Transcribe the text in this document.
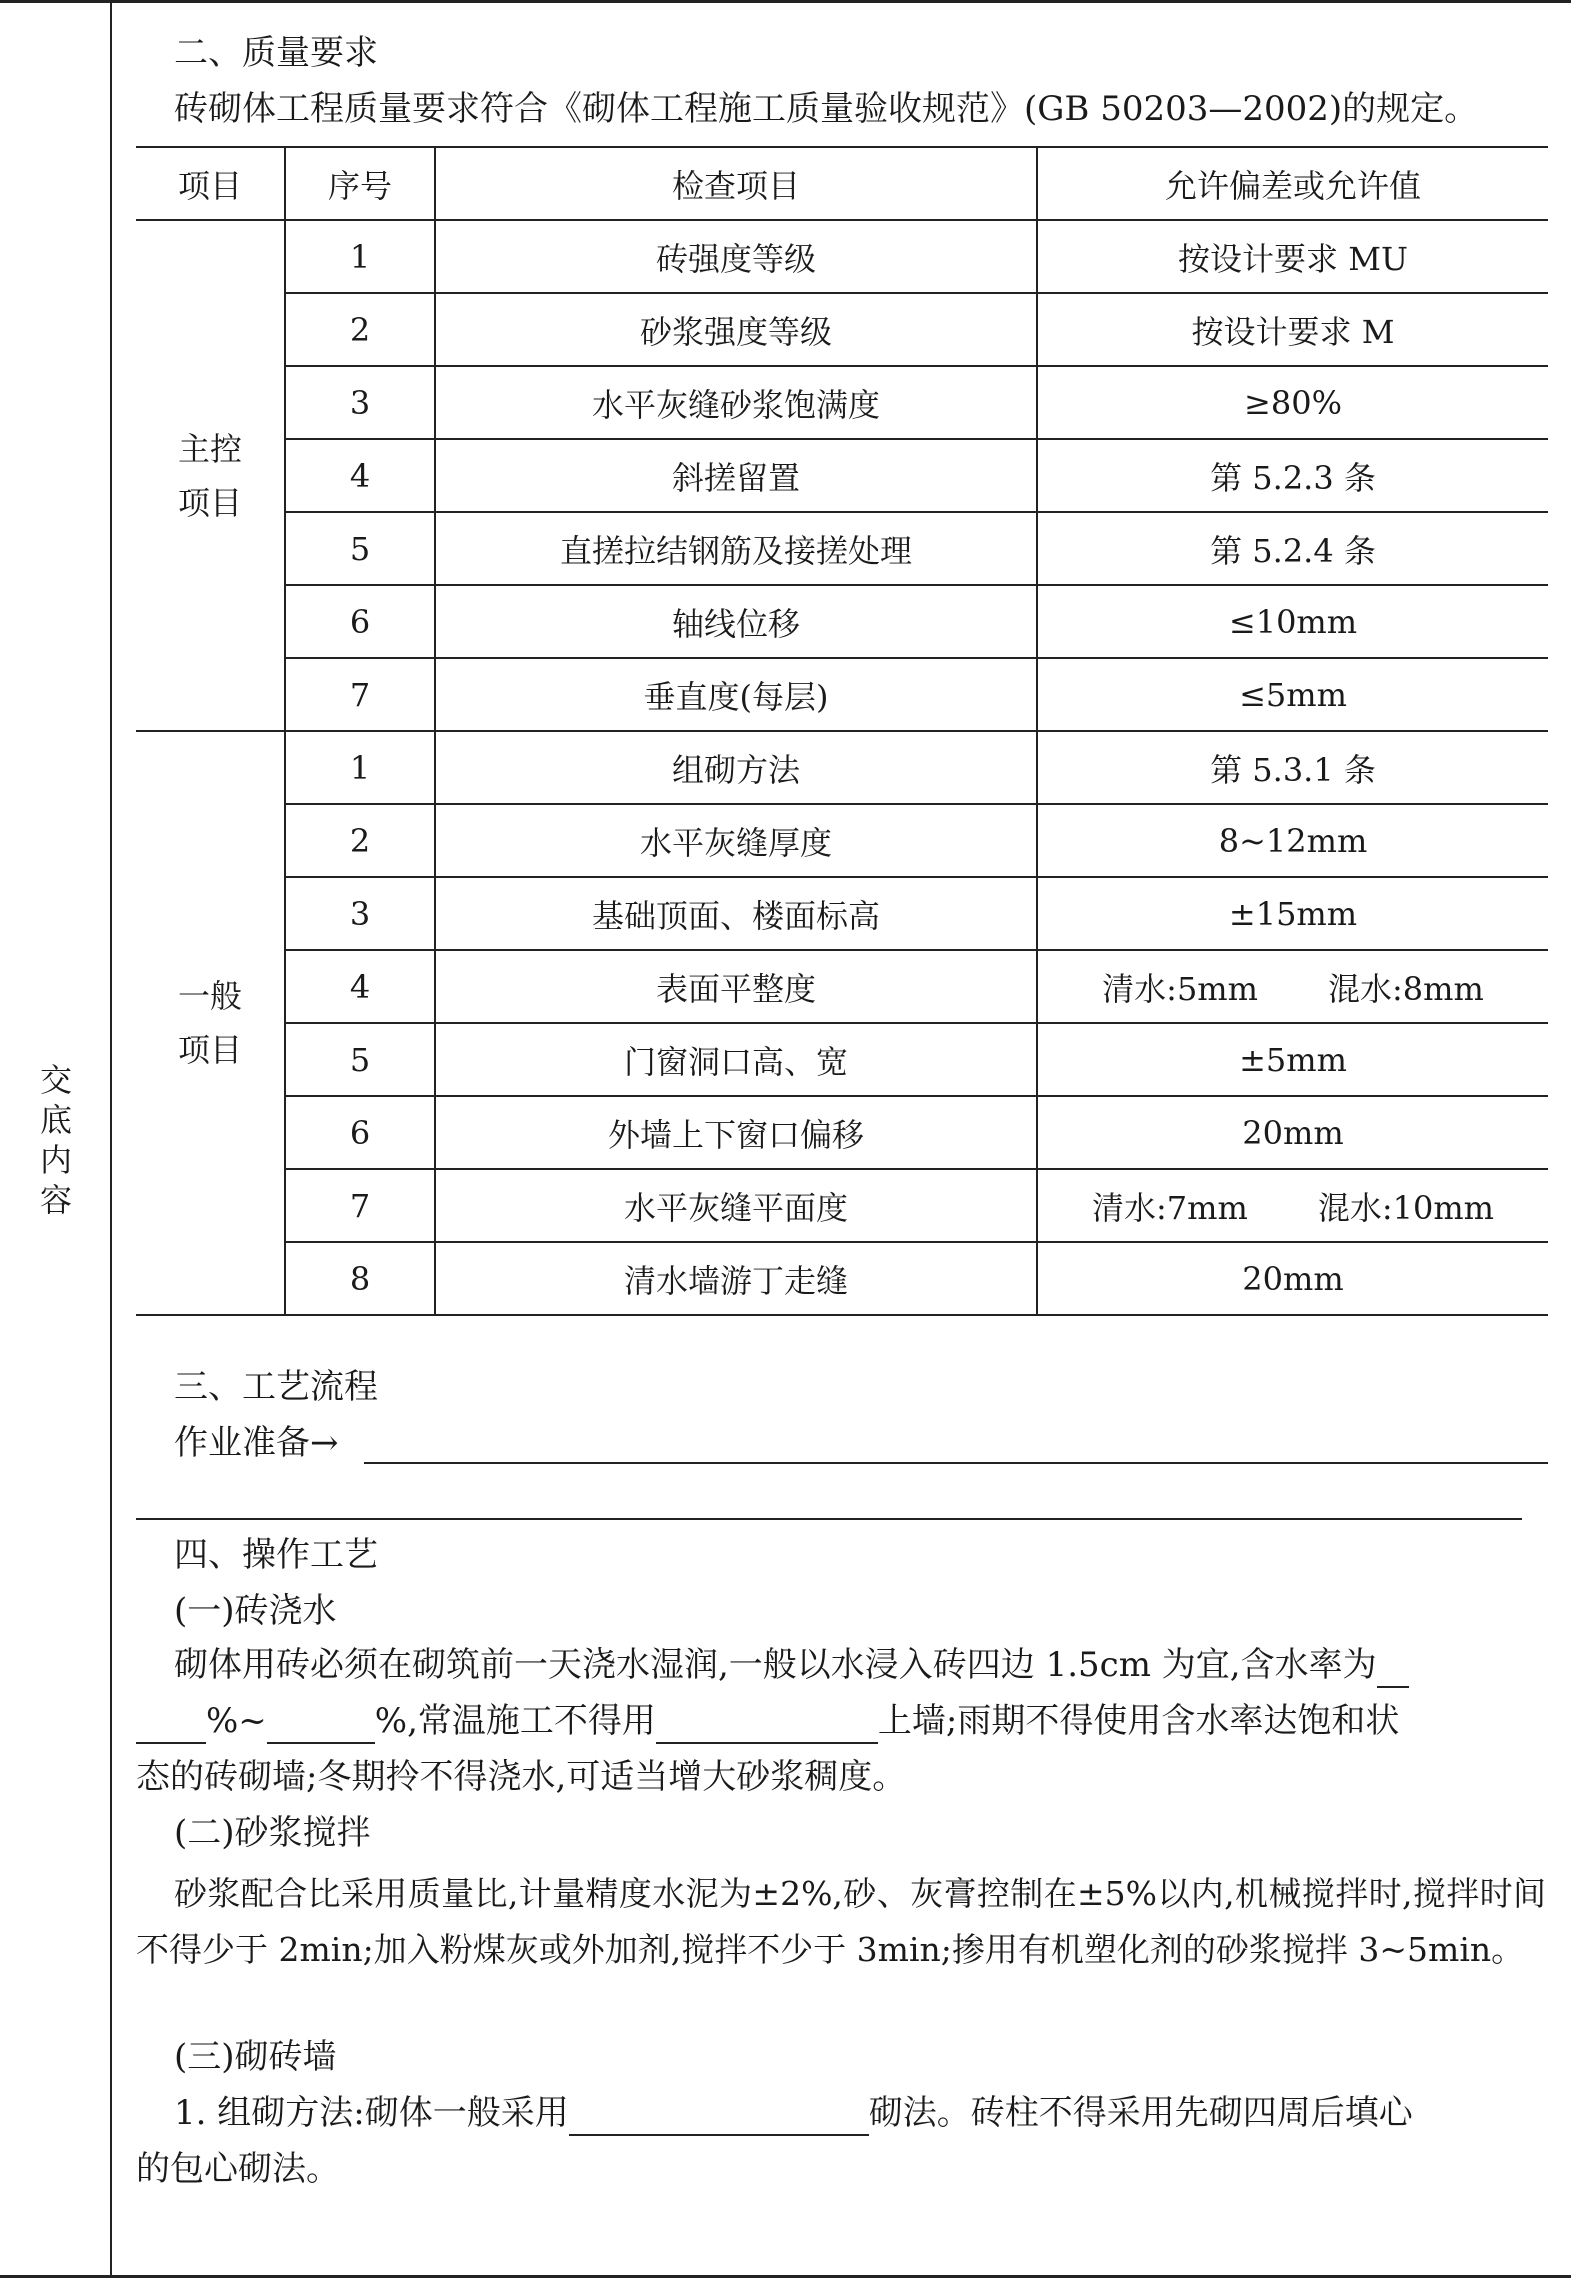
交底内容
二、质量要求
砖砌体工程质量要求符合《砌体工程施工质量验收规范》(GB 50203—2002)的规定。
项目	序号	检查项目	允许偏差或允许值

主控
项目	1	砖强度等级	按设计要求 MU
	2	砂浆强度等级	按设计要求 M
	3	水平灰缝砂浆饱满度	≥80%
	4	斜搓留置	第 5.2.3 条
	5	直搓拉结钢筋及接搓处理	第 5.2.4 条
	6	轴线位移	≤10mm
	7	垂直度(每层)	≤5mm

一般
项目	1	组砌方法	第 5.3.1 条
	2	水平灰缝厚度	8~12mm
	3	基础顶面、楼面标高	±15mm
	4	表面平整度	清水:5mm 混水:8mm
	5	门窗洞口高、宽	±5mm
	6	外墙上下窗口偏移	20mm
	7	水平灰缝平面度	清水:7mm 混水:10mm
	8	清水墙游丁走缝	20mm
三、工艺流程
作业准备→
四、操作工艺
(一)砖浇水
砌体用砖必须在砌筑前一天浇水湿润,一般以水浸入砖四边 1.5cm 为宜,含水率为
%~	%,常温施工不得用	上墙;雨期不得使用含水率达饱和状
态的砖砌墙;冬期拎不得浇水,可适当增大砂浆稠度。
(二)砂浆搅拌
砂浆配合比采用质量比,计量精度水泥为±2%,砂、灰膏控制在±5%以内,机械搅拌时,搅拌时间不得少于 2min;加入粉煤灰或外加剂,搅拌不少于 3min;掺用有机塑化剂的砂浆搅拌 3~5min。
(三)砌砖墙
1. 组砌方法:砌体一般采用	砌法。砖柱不得采用先砌四周后填心
的包心砌法。
